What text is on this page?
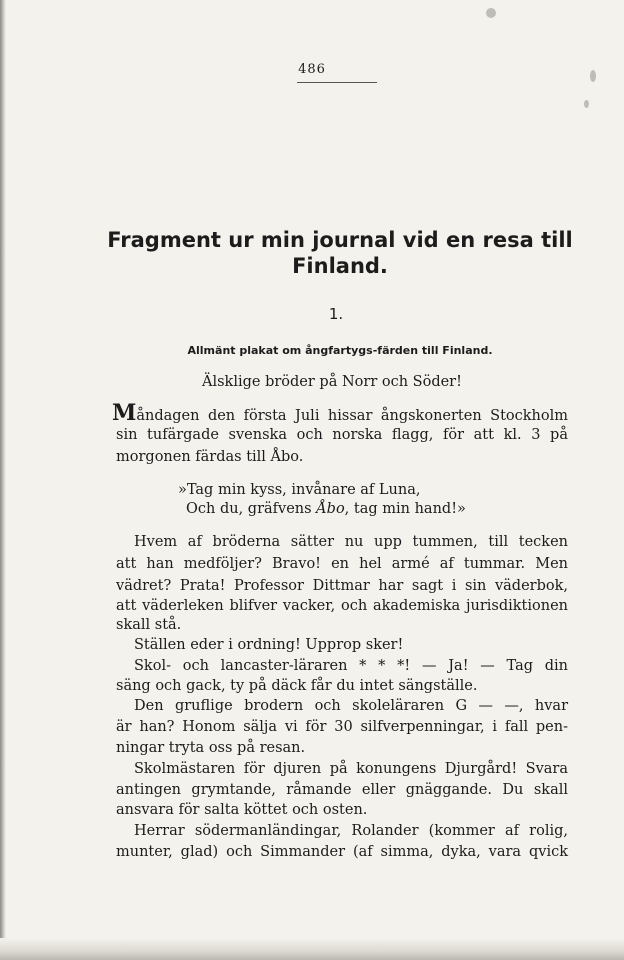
486
Fragment ur min journal vid en resa till Finland.
1.
Allmänt plakat om ångfartygs-färden till Finland.
Älsklige bröder på Norr och Söder!
Måndagen den första Juli hissar ångskonerten Stockholm
sin tufärgade svenska och norska flagg, för att kl. 3 på
morgonen färdas till Åbo.
»Tag min kyss, invånare af Luna,
Och du, gräfvens Åbo, tag min hand!»
Hvem af bröderna sätter nu upp tummen, till tecken
att han medföljer? Bravo! en hel armé af tummar. Men
vädret? Prata! Professor Dittmar har sagt i sin väderbok,
att väderleken blifver vacker, och akademiska jurisdiktionen
skall stå.
Ställen eder i ordning! Upprop sker!
Skol- och lancaster-läraren * * *! — Ja! — Tag din
säng och gack, ty på däck får du intet sängställe.
Den gruflige brodern och skoleläraren G — —, hvar
är han? Honom sälja vi för 30 silfverpenningar, i fall pen-
ningar tryta oss på resan.
Skolmästaren för djuren på konungens Djurgård! Svara
antingen grymtande, råmande eller gnäggande. Du skall
ansvara för salta köttet och osten.
Herrar södermanländingar, Rolander (kommer af rolig,
munter, glad) och Simmander (af simma, dyka, vara qvick
